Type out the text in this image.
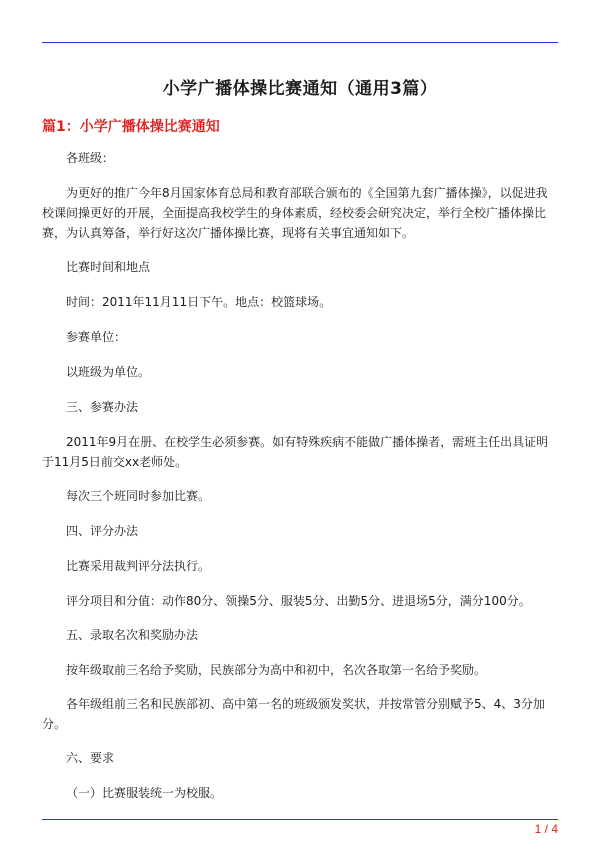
小学广播体操比赛通知（通用3篇）
篇1：小学广播体操比赛通知

各班级：

为更好的推广今年8月国家体育总局和教育部联合颁布的《全国第九套广播体操》，以促进我校课间操更好的开展，全面提高我校学生的身体素质，经校委会研究决定，举行全校广播体操比赛，为认真筹备，举行好这次广播体操比赛，现将有关事宜通知如下。

比赛时间和地点

时间：2011年11月11日下午。地点：校篮球场。

参赛单位：

以班级为单位。

三、参赛办法

2011年9月在册、在校学生必须参赛。如有特殊疾病不能做广播体操者，需班主任出具证明于11月5日前交xx老师处。

每次三个班同时参加比赛。

四、评分办法

比赛采用裁判评分法执行。

评分项目和分值：动作80分、领操5分、服装5分、出勤5分、进退场5分，满分100分。

五、录取名次和奖励办法

按年级取前三名给予奖励，民族部分为高中和初中，名次各取第一名给予奖励。

各年级组前三名和民族部初、高中第一名的班级颁发奖状，并按常管分别赋予5、4、3分加分。

六、要求

（一）比赛服装统一为校服。

1 / 4
